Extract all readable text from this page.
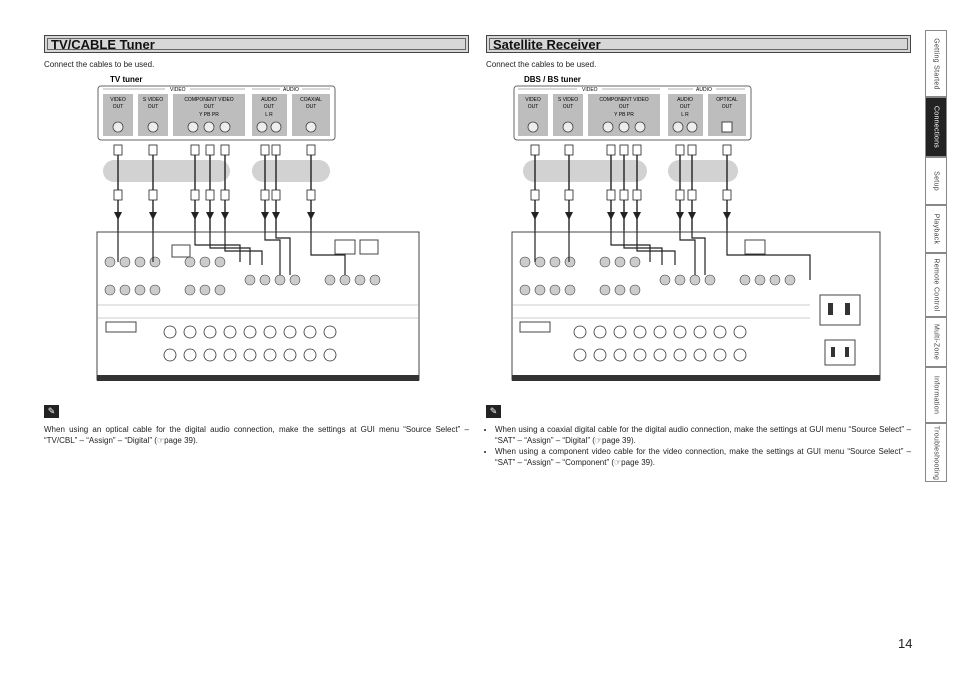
TV/CABLE Tuner
Connect the cables to be used.
Satellite Receiver
Connect the cables to be used.
TV tuner
VIDEO	AUDIO
VIDEO
OUT
S VIDEO
OUT
COMPONENT VIDEO
OUT
Y PB PR
AUDIO
OUT
L R
COAXIAL
OUT
DBS / BS tuner
VIDEO	AUDIO
VIDEO
OUT
S VIDEO
OUT
COMPONENT VIDEO
OUT
Y PB PR
AUDIO
OUT
L R
OPTICAL
OUT
✎
When using an optical cable for the digital audio connection, make the settings at GUI menu “Source Select” – “TV/CBL” – “Assign” – “Digital” (☞page 39).
✎
• When using a coaxial digital cable for the digital audio connection, make the settings at GUI menu “Source Select” – “SAT” – “Assign” – “Digital” (☞page 39).
• When using a component video cable for the video connection, make the settings at GUI menu “Source Select” – “SAT” – “Assign” – “Component” (☞page 39).
Getting Started
Connections
Setup
Playback
Remote Control
Multi-Zone
Information
Troubleshooting
14
